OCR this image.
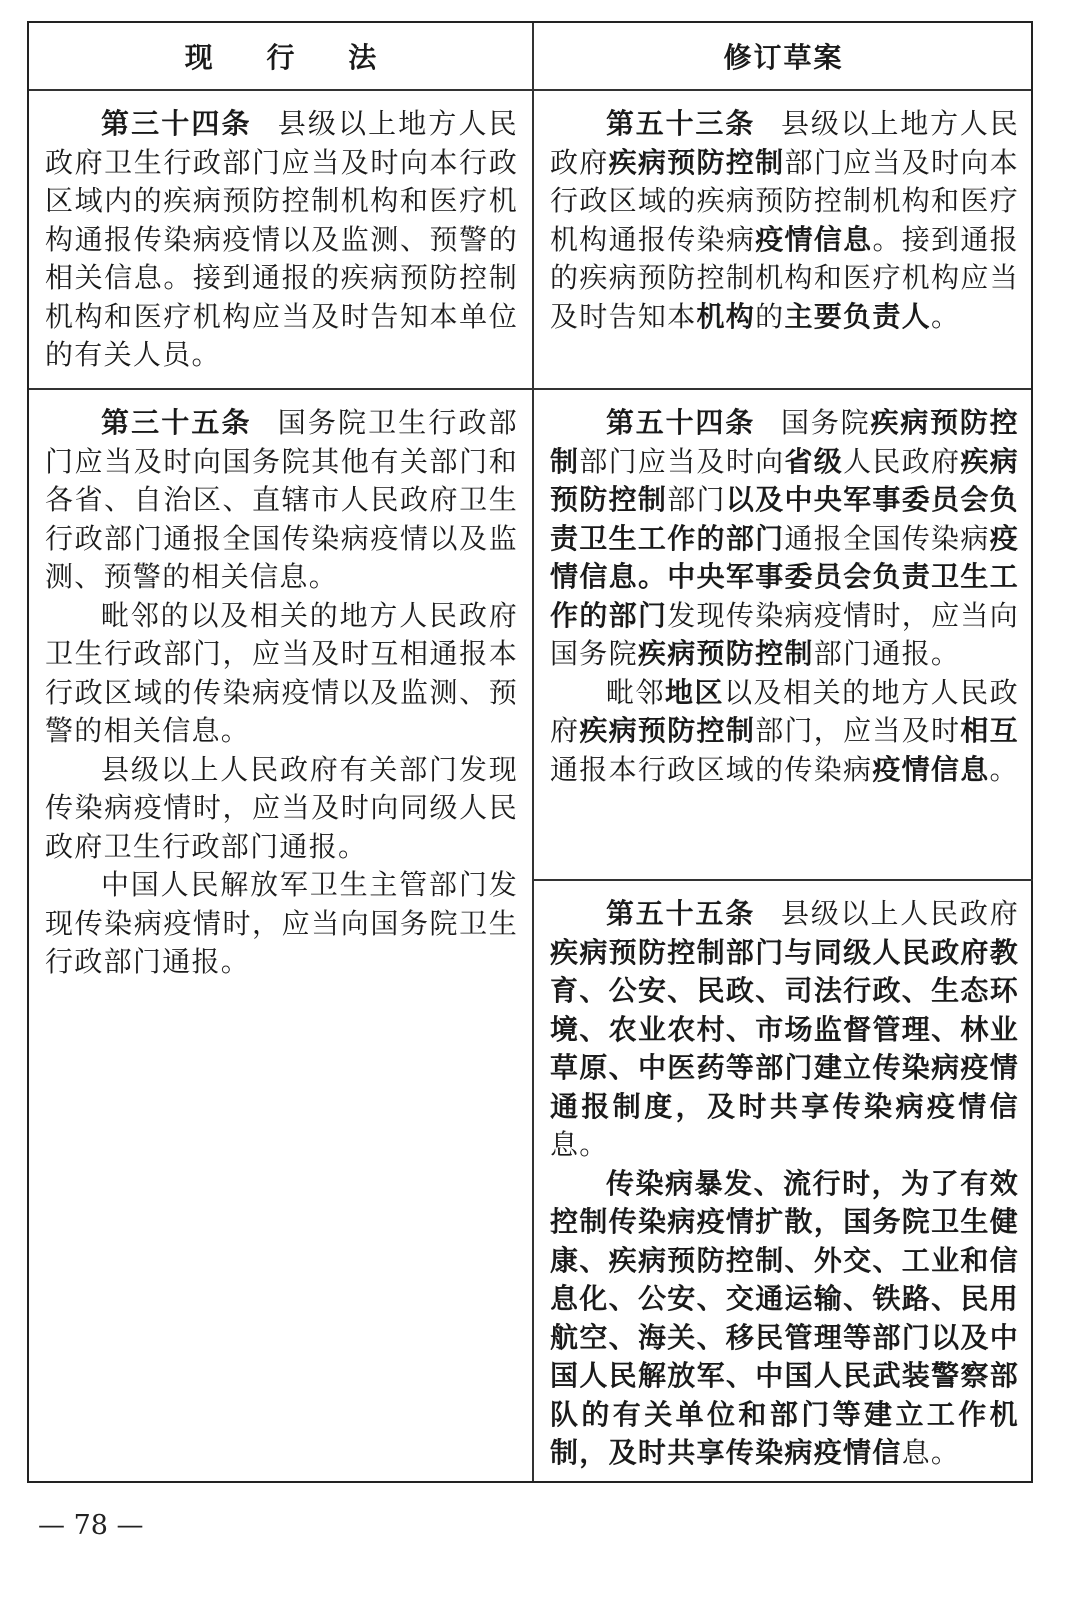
现 行 法	修订草案

第三十四条 县级以上地方人民政府卫生行政部门应当及时向本行政区域内的疾病预防控制机构和医疗机构通报传染病疫情以及监测、预警的相关信息。接到通报的疾病预防控制机构和医疗机构应当及时告知本单位的有关人员。

第三十五条 国务院卫生行政部门应当及时向国务院其他有关部门和各省、自治区、直辖市人民政府卫生行政部门通报全国传染病疫情以及监测、预警的相关信息。

毗邻的以及相关的地方人民政府卫生行政部门，应当及时互相通报本行政区域的传染病疫情以及监测、预警的相关信息。

县级以上人民政府有关部门发现传染病疫情时，应当及时向同级人民政府卫生行政部门通报。

中国人民解放军卫生主管部门发现传染病疫情时，应当向国务院卫生行政部门通报。

第五十三条 县级以上地方人民政府疾病预防控制部门应当及时向本行政区域的疾病预防控制机构和医疗机构通报传染病疫情信息。接到通报的疾病预防控制机构和医疗机构应当及时告知本机构的主要负责人。

第五十四条 国务院疾病预防控制部门应当及时向省级人民政府疾病预防控制部门以及中央军事委员会负责卫生工作的部门通报全国传染病疫情信息。中央军事委员会负责卫生工作的部门发现传染病疫情时，应当向国务院疾病预防控制部门通报。

毗邻地区以及相关的地方人民政府疾病预防控制部门，应当及时相互通报本行政区域的传染病疫情信息。

第五十五条 县级以上人民政府疾病预防控制部门与同级人民政府教育、公安、民政、司法行政、生态环境、农业农村、市场监督管理、林业草原、中医药等部门建立传染病疫情通报制度，及时共享传染病疫情信息。

传染病暴发、流行时，为了有效控制传染病疫情扩散，国务院卫生健康、疾病预防控制、外交、工业和信息化、公安、交通运输、铁路、民用航空、海关、移民管理等部门以及中国人民解放军、中国人民武装警察部队的有关单位和部门等建立工作机制，及时共享传染病疫情信息。

— 78 —
